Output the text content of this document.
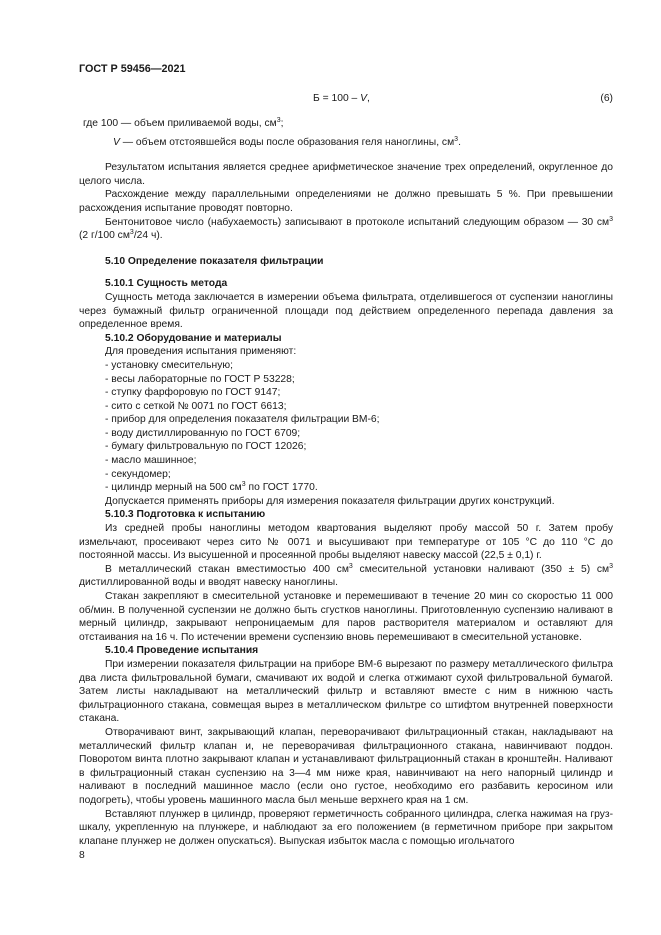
ГОСТ Р 59456—2021
Б = 100 – V,	(6)

где 100 — объем приливаемой воды, $см^3$;

V — объем отстоявшейся воды после образования геля наноглины, $см^3$.

Результатом испытания является среднее арифметическое значение трех определений, округленное до целого числа.

Расхождение между параллельными определениями не должно превышать 5 %. При превышении расхождения испытание проводят повторно.

Бентонитовое число (набухаемость) записывают в протоколе испытаний следующим образом — 30 $см^3$ (2 г/100 $см^3/24$ ч).

5.10 Определение показателя фильтрации

5.10.1 Сущность метода

Сущность метода заключается в измерении объема фильтрата, отделившегося от суспензии наноглины через бумажный фильтр ограниченной площади под действием определенного перепада давления за определенное время.

5.10.2 Оборудование и материалы

Для проведения испытания применяют:

- установку смесительную;

- весы лабораторные по ГОСТ Р 53228;

- ступку фарфоровую по ГОСТ 9147;

- сито с сеткой № 0071 по ГОСТ 6613;

- прибор для определения показателя фильтрации ВМ-6;

- воду дистиллированную по ГОСТ 6709;

- бумагу фильтровальную по ГОСТ 12026;

- масло машинное;

- секундомер;

- цилиндр мерный на 500 $см^3$ по ГОСТ 1770.

Допускается применять приборы для измерения показателя фильтрации других конструкций.

5.10.3 Подготовка к испытанию

Из средней пробы наноглины методом квартования выделяют пробу массой 50 г. Затем пробу измельчают, просеивают через сито № 0071 и высушивают при температуре от 105 °С до 110 °С до постоянной массы. Из высушенной и просеянной пробы выделяют навеску массой (22,5 ± 0,1) г.

В металлический стакан вместимостью 400 $см^3$ смесительной установки наливают (350 ± 5) $см^3$ дистиллированной воды и вводят навеску наноглины.

Стакан закрепляют в смесительной установке и перемешивают в течение 20 мин со скоростью 11 000 об/мин. В полученной суспензии не должно быть сгустков наноглины. Приготовленную суспензию наливают в мерный цилиндр, закрывают непроницаемым для паров растворителя материалом и оставляют для отстаивания на 16 ч. По истечении времени суспензию вновь перемешивают в смесительной установке.

5.10.4 Проведение испытания

При измерении показателя фильтрации на приборе ВМ-6 вырезают по размеру металлического фильтра два листа фильтровальной бумаги, смачивают их водой и слегка отжимают сухой фильтровальной бумагой. Затем листы накладывают на металлический фильтр и вставляют вместе с ним в нижнюю часть фильтрационного стакана, совмещая вырез в металлическом фильтре со штифтом внутренней поверхности стакана.

Отворачивают винт, закрывающий клапан, переворачивают фильтрационный стакан, накладывают на металлический фильтр клапан и, не переворачивая фильтрационного стакана, навинчивают поддон. Поворотом винта плотно закрывают клапан и устанавливают фильтрационный стакан в кронштейн. Наливают в фильтрационный стакан суспензию на 3—4 мм ниже края, навинчивают на него напорный цилиндр и наливают в последний машинное масло (если оно густое, необходимо его разбавить керосином или подогреть), чтобы уровень машинного масла был меньше верхнего края на 1 см.

Вставляют плунжер в цилиндр, проверяют герметичность собранного цилиндра, слегка нажимая на груз-шкалу, укрепленную на плунжере, и наблюдают за его положением (в герметичном приборе при закрытом клапане плунжер не должен опускаться). Выпуская избыток масла с помощью игольчатого

8
